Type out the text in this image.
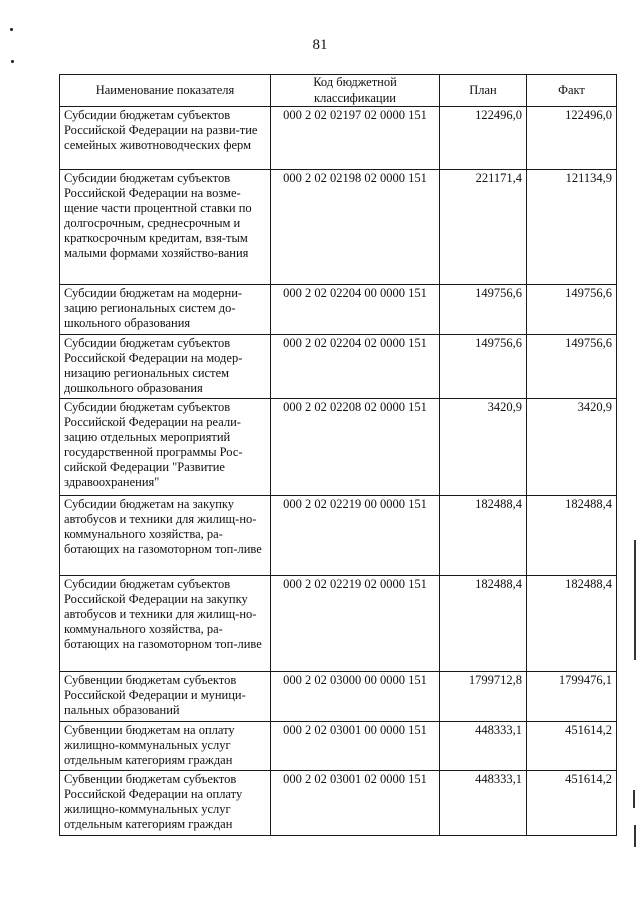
81
Наименование показателя	Код бюджетной классификации	План	Факт
Субсидии бюджетам субъектов Российской Федерации на разви-тие семейных животноводческих ферм	000 2 02 02197 02 0000 151	122496,0	122496,0
Субсидии бюджетам субъектов Российской Федерации на возме-щение части процентной ставки по долгосрочным, среднесрочным и краткосрочным кредитам, взя-тым малыми формами хозяйство-вания	000 2 02 02198 02 0000 151	221171,4	121134,9
Субсидии бюджетам на модерни-зацию региональных систем до-школьного образования	000 2 02 02204 00 0000 151	149756,6	149756,6
Субсидии бюджетам субъектов Российской Федерации на модер-низацию региональных систем дошкольного образования	000 2 02 02204 02 0000 151	149756,6	149756,6
Субсидии бюджетам субъектов Российской Федерации на реали-зацию отдельных мероприятий государственной программы Рос-сийской Федерации "Развитие здравоохранения"	000 2 02 02208 02 0000 151	3420,9	3420,9
Субсидии бюджетам на закупку автобусов и техники для жилищ-но-коммунального хозяйства, ра-ботающих на газомоторном топ-ливе	000 2 02 02219 00 0000 151	182488,4	182488,4
Субсидии бюджетам субъектов Российской Федерации на закупку автобусов и техники для жилищ-но-коммунального хозяйства, ра-ботающих на газомоторном топ-ливе	000 2 02 02219 02 0000 151	182488,4	182488,4
Субвенции бюджетам субъектов Российской Федерации и муници-пальных образований	000 2 02 03000 00 0000 151	1799712,8	1799476,1
Субвенции бюджетам на оплату жилищно-коммунальных услуг отдельным категориям граждан	000 2 02 03001 00 0000 151	448333,1	451614,2
Субвенции бюджетам субъектов Российской Федерации на оплату жилищно-коммунальных услуг отдельным категориям граждан	000 2 02 03001 02 0000 151	448333,1	451614,2
